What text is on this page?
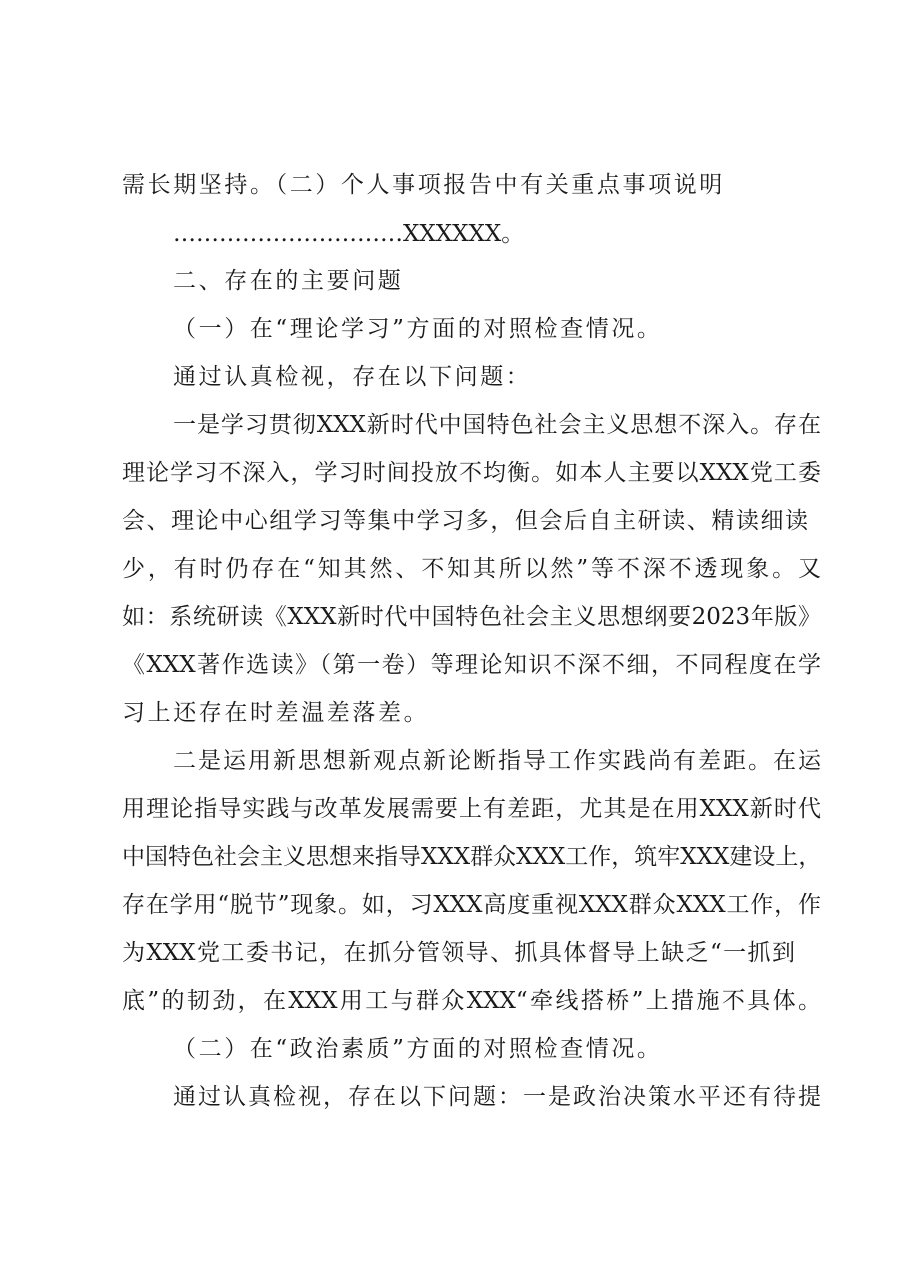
需长期坚持。（二）个人事项报告中有关重点事项说明
…………………………XXXXXX。
二、存在的主要问题
（一）在“理论学习”方面的对照检查情况。
通过认真检视，存在以下问题：
一是学习贯彻XXX新时代中国特色社会主义思想不深入。存在
理论学习不深入，学习时间投放不均衡。如本人主要以XXX党工委
会、理论中心组学习等集中学习多，但会后自主研读、精读细读
少，有时仍存在“知其然、不知其所以然”等不深不透现象。又
如：系统研读《XXX新时代中国特色社会主义思想纲要2023年版》
《XXX著作选读》（第一卷）等理论知识不深不细，不同程度在学
习上还存在时差温差落差。
二是运用新思想新观点新论断指导工作实践尚有差距。在运
用理论指导实践与改革发展需要上有差距，尤其是在用XXX新时代
中国特色社会主义思想来指导XXX群众XXX工作，筑牢XXX建设上，
存在学用“脱节”现象。如，习XXX高度重视XXX群众XXX工作，作
为XXX党工委书记，在抓分管领导、抓具体督导上缺乏“一抓到
底”的韧劲，在XXX用工与群众XXX“牵线搭桥”上措施不具体。
（二）在“政治素质”方面的对照检查情况。
通过认真检视，存在以下问题：一是政治决策水平还有待提
